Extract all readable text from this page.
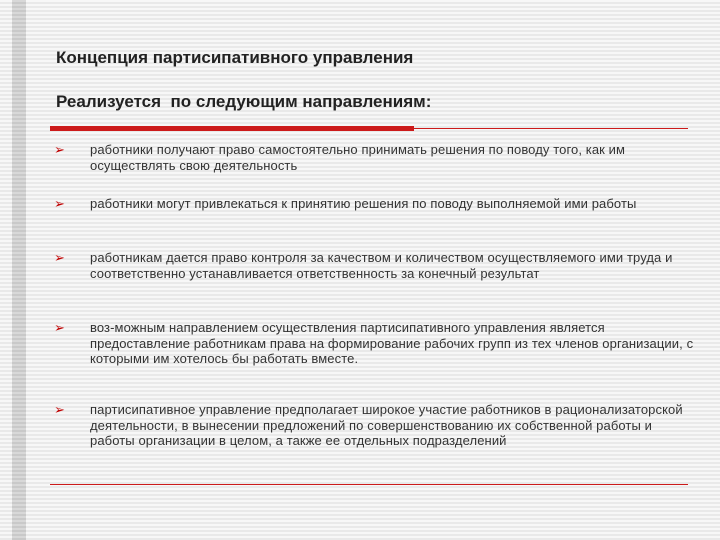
Концепция партисипативного управления
Реализуется  по следующим направлениям:
➢ работники получают право самостоятельно принимать решения по поводу того, как им осуществлять свою деятельность
➢ работники могут привлекаться к принятию решения по поводу выполняемой ими работы
➢ работникам дается право контроля за качеством и количеством осуществляемого ими труда и соответственно устанавливается ответственность за конечный результат
➢ воз-можным направлением осуществления партисипативного управления является предоставление работникам права на формирование рабочих групп из тех членов организации, с которыми им хотелось бы работать вместе.
➢ партисипативное управление предполагает широкое участие работников в рационализаторской деятельности, в вынесении предложений по совершенствованию их собственной работы и работы организации в целом, а также ее отдельных подразделений
